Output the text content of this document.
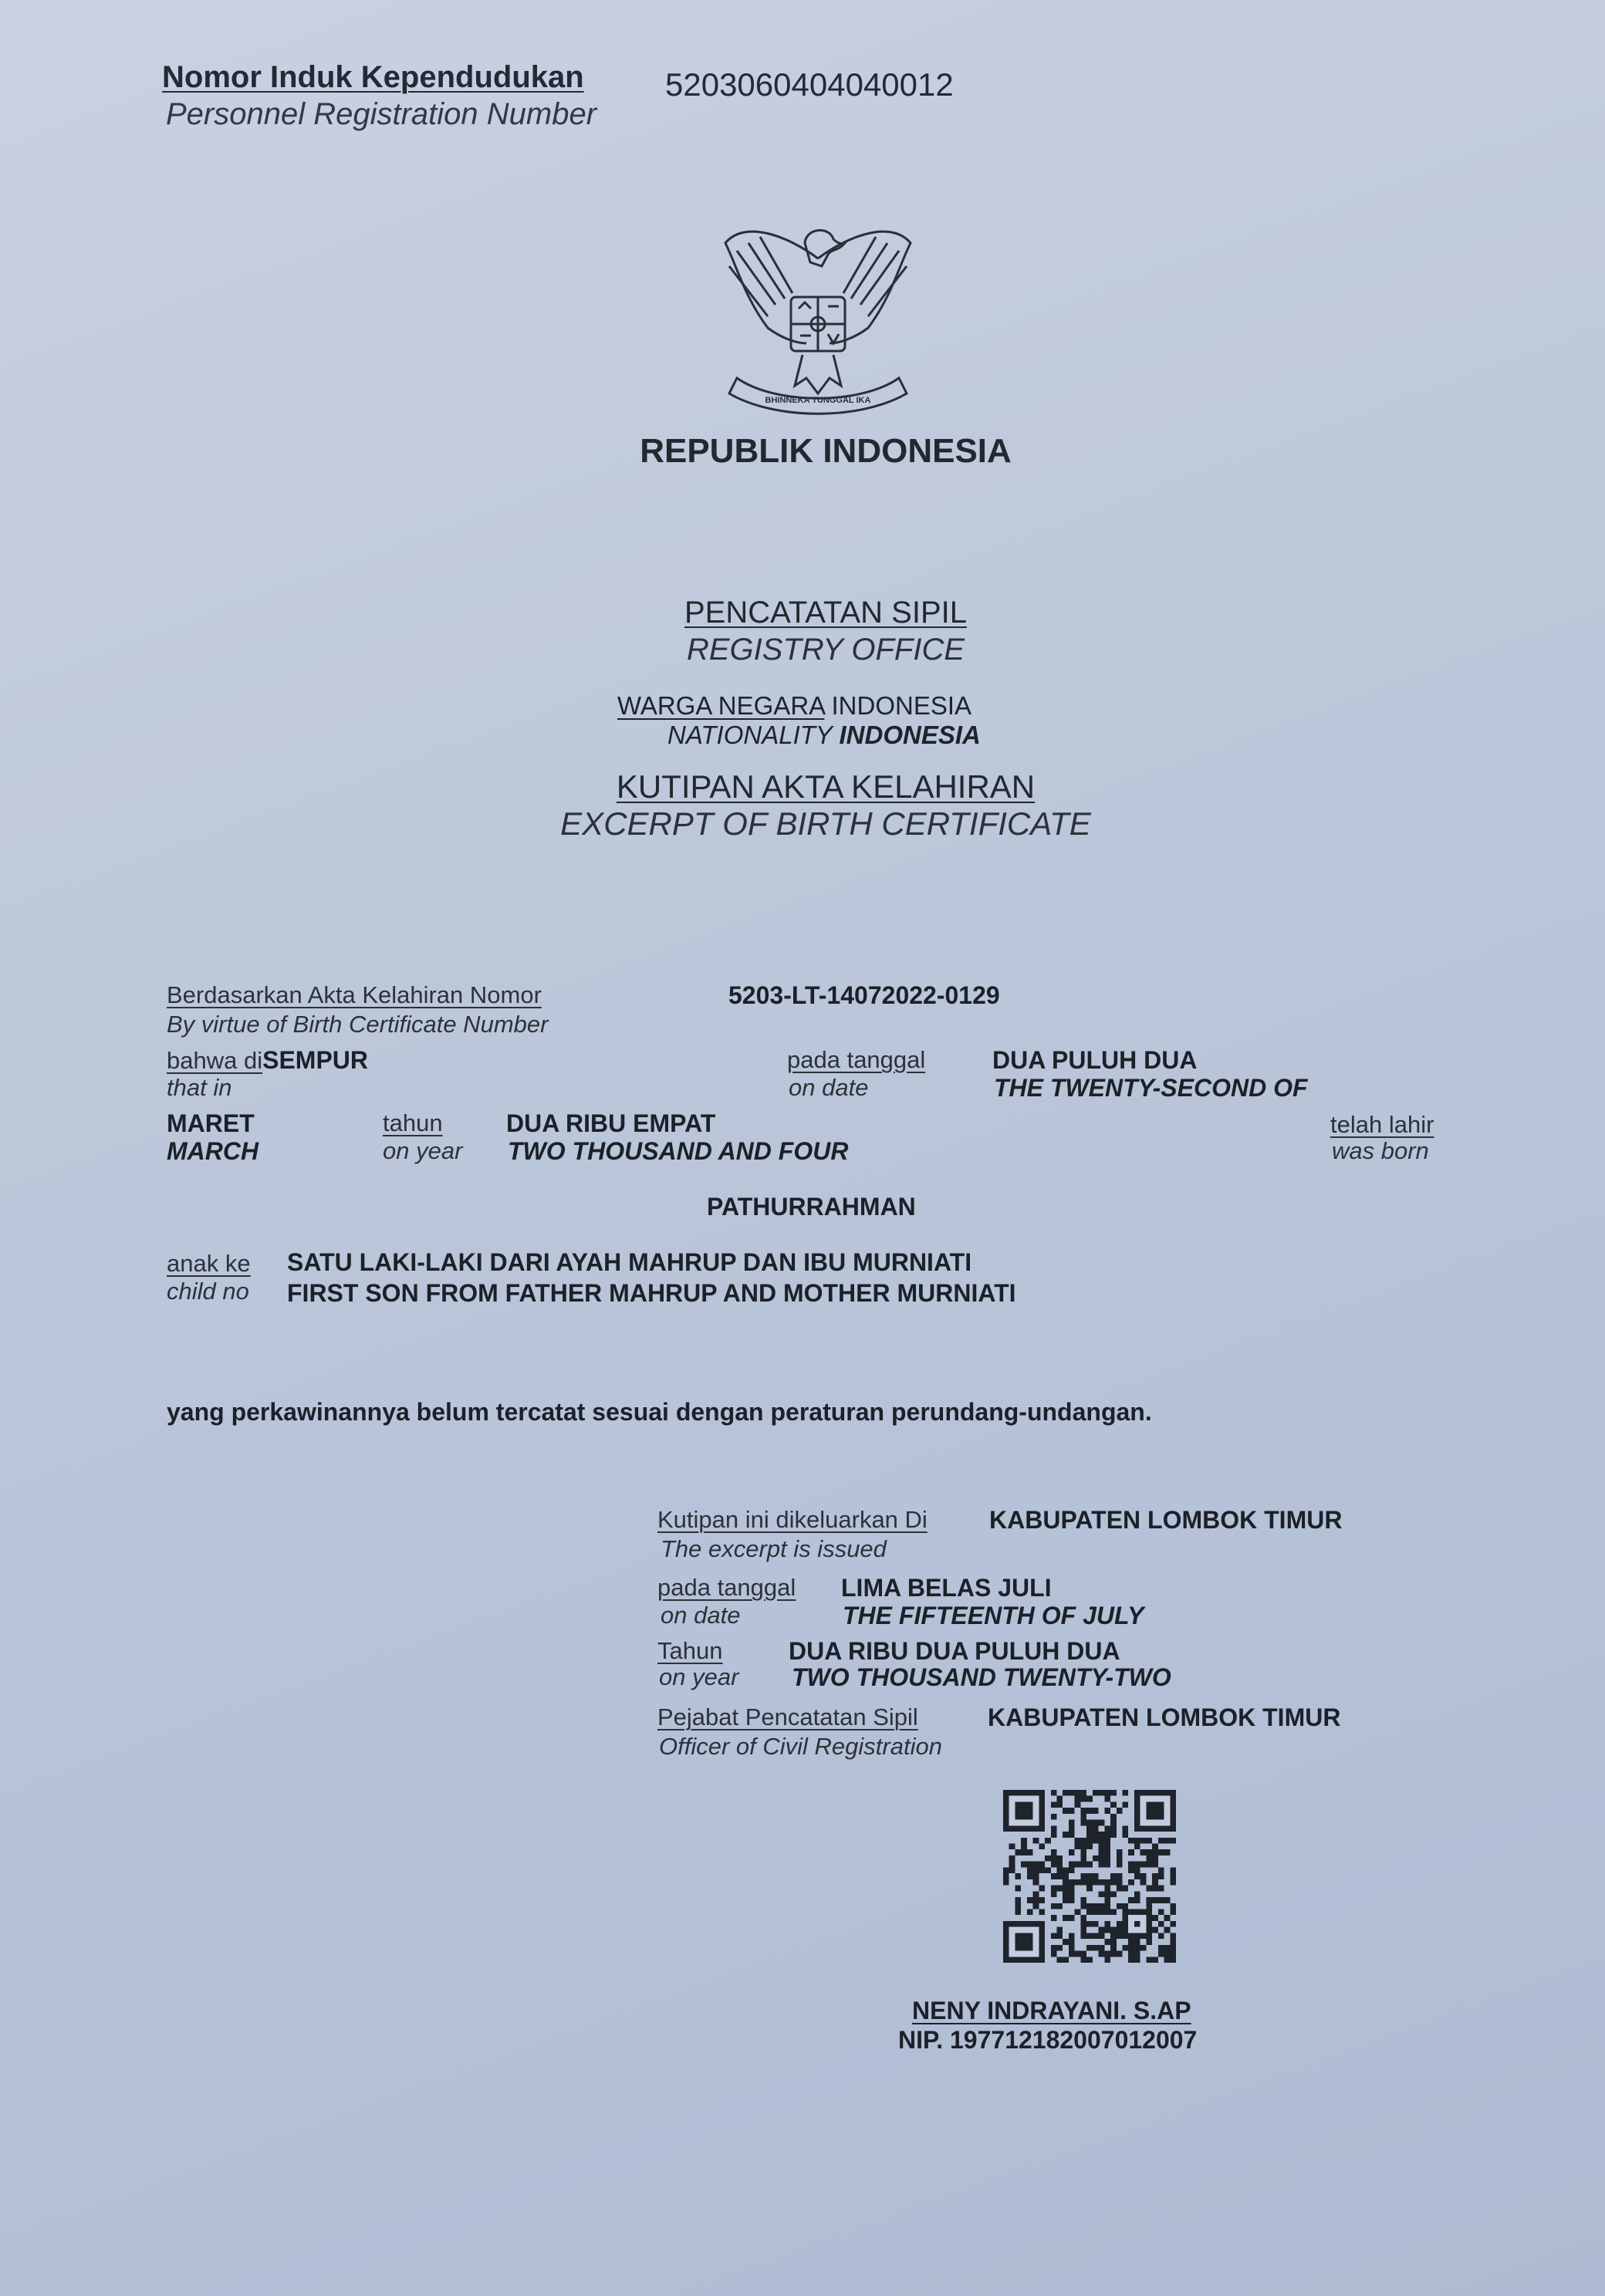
Nomor Induk Kependudukan
Personnel Registration Number
5203060404040012
BHINNEKA TUNGGAL IKA
REPUBLIK INDONESIA
PENCATATAN SIPIL
REGISTRY OFFICE
WARGA NEGARA INDONESIA
NATIONALITY INDONESIA
KUTIPAN AKTA KELAHIRAN
EXCERPT OF BIRTH CERTIFICATE
Berdasarkan Akta Kelahiran Nomor
By virtue of Birth Certificate Number
5203-LT-14072022-0129
bahwa diSEMPUR
that in
pada tanggal
on date
DUA PULUH DUA
THE TWENTY-SECOND OF
MARET
MARCH
tahun
on year
DUA RIBU EMPAT
TWO THOUSAND AND FOUR
telah lahir
was born
PATHURRAHMAN
anak ke
child no
SATU LAKI-LAKI DARI AYAH MAHRUP DAN IBU MURNIATI
FIRST SON FROM FATHER MAHRUP AND MOTHER MURNIATI
yang perkawinannya belum tercatat sesuai dengan peraturan perundang-undangan.
Kutipan ini dikeluarkan Di
The excerpt is issued
KABUPATEN LOMBOK TIMUR
pada tanggal
on date
LIMA BELAS JULI
THE FIFTEENTH OF JULY
Tahun
on year
DUA RIBU DUA PULUH DUA
TWO THOUSAND TWENTY-TWO
Pejabat Pencatatan Sipil
Officer of Civil Registration
KABUPATEN LOMBOK TIMUR
NENY INDRAYANI. S.AP
NIP. 197712182007012007
